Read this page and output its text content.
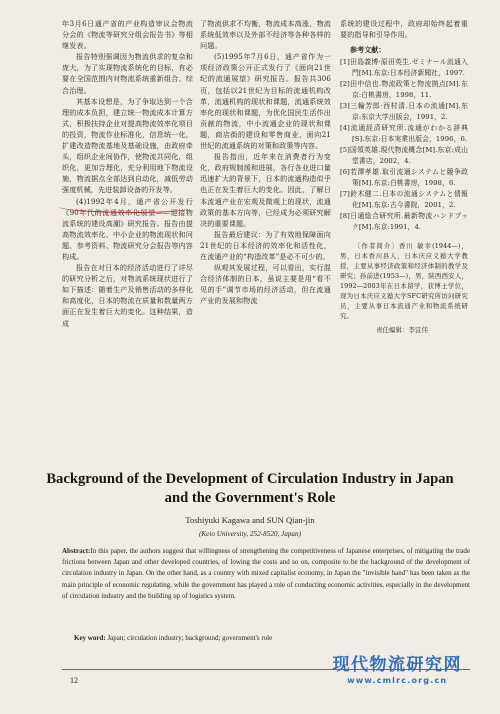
年3月6日通产省的产业构造审议会物流分会的《物流等研究分组会报告书》等相继发表。

报告特别强调因为物流供求的复杂和庞大，为了实现物流系统化的目标，有必要在全国范围内对物流系统重新组合、综合治理。

其基本设想是，为了争取达到一个合理的成本负担，建立统一物流成本计算方式，积极扶持企业对提高物流效率化项目的投资，物流作业标准化，信息统一化，扩建改造物流基地及基础设施，由政府牵头，组织企业间协作，使物流共同化，组织化，更加合理化，充分利用地下物流设施，物流据点全部达到自动化，减低劳动强度机械，先进装卸设备的开发等。

(4)1992年4月，通产省公开发行《90年代的流通效率化展望——迎接物流系统的建设高潮》研究报告。报告由提高物流效率化、中小企业的物流现状和问题、参考资料、物流研究分会报告等内容构成。

报告在对日本的经济活动进行了详尽的研究分析之后，对物流系统现状进行了如下描述：随着生产及销售活动的多样化和高度化，日本的物流在质量和数量两方面正在发生着巨大的变化。这种结果，造成

了物流供求不均衡，物流成本高涨，物流系统低效率以及外部不经济等各种各样的问题。

(5)1995年7月6日，通产省作为一项经济政策公开正式发行了《面向21世纪的流通展望》研究报告。报告共306页，包括以21世纪为目标的流通机构改革，流通机构的现状和课题，流通系统效率化的现状和课题，为优化国民生活作出贡献的物流，中小流通企业的现状和课题，商店街的建设和零售商业，面向21世纪的流通系统的对策和政策等内容。

报告指出，近年来在消费者行为变化，政府规制缓和进展，各行各业进口量迅速扩大的背景下，日本的流通构造似乎也正在发生着巨大的变化。因此，了解日本流通产业在宏观及微观上的现状，流通政策的基本方向等，已经成为必须研究解决的重要课题。

报告最后建议：为了有效地保障面向21世纪的日本经济的效率化和活性化，在流通产业的“构造改革”是必不可少的。

纵观其发展过程，可以看出，实行混合经济体制的日本，虽说主要是用“看不见的手”调节市场的经济活动，但在流通产业的发展和物流

系统的建设过程中，政府却始终起着重要的指导和引导作用。

参考文献：

[1]田島義博·原田英生.ゼミナール流通入門[M].东京:日本经济新聞社，1997.

[2]田中信也.物流政策と物流拠点[M].东京:白桃書房，1998，11.

[3]三輪芳郎·西村清.日本の流通[M].东京:东京大学出版会，1991，2.

[4]流通経済研究所.流通がわかる辞典[S].东京:日本実業出版会，1996，6.

[5]国領英雄.現代物流概念[M].东京:成山堂書店，2002，4.

[6]若澤孝雄.取引流通システムと競争政策[M].东京:白桃書房，1998，6.

[7]鈴木健二.日本の流通システムと情報化[M].东京:古今書院，2001，2.

[8]日通総合研究所.最新物流ハンドブック[M].东京:1991，4.

〔作者简介〕香川 敏幸(1944—)，男，日本香川县人，日本庆应义塾大学教授，主要从事经济政策和经济体制的教学及研究；孙前进(1953—)，男，陕西西安人，1992—2003年在日本留学，获博士学位，现为日本庆应义塾大学SFC研究所访问研究员，主要从事日本流通产业和物流系统研究。

责任编辑：李宜伟
Background of the Development of Circulation Industry in Japan
and the Government's Role
Toshiyuki Kagawa and SUN Qian-jin
(Keio University, 252-8520, Japan)
Abstract:In this paper, the authors suggest that willingness of strengthening the competitiveness of Japanese enterprises, of mitigating the trade frictions between Japan and other developed countries, of lowing the costs and so on, composite to be the background of the development of circulation industry in Japan. On the other hand, as a country with mixed capitalist economy, in Japan the "invisible hand" has been taken as the main principle of economic regulating, while the government has played a role of conducting economic activities, especially in the development of circulation industry and the building up of logistics system.
Key word: Japan; circulation industry; background; government's role
12
现代物流研究网
www.cmlrc.org.cn
